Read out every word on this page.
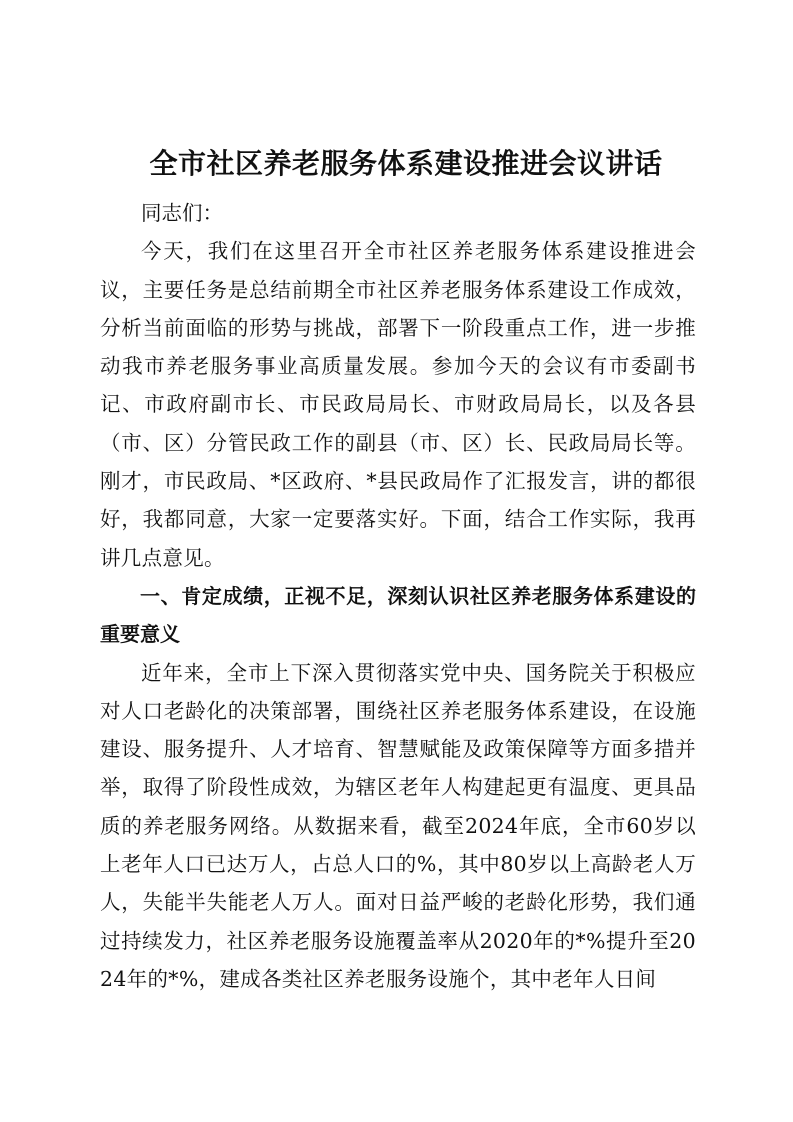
全市社区养老服务体系建设推进会议讲话

同志们：

今天，我们在这里召开全市社区养老服务体系建设推进会议，主要任务是总结前期全市社区养老服务体系建设工作成效，分析当前面临的形势与挑战，部署下一阶段重点工作，进一步推动我市养老服务事业高质量发展。参加今天的会议有市委副书记、市政府副市长、市民政局局长、市财政局局长，以及各县（市、区）分管民政工作的副县（市、区）长、民政局局长等。刚才，市民政局、*区政府、*县民政局作了汇报发言，讲的都很好，我都同意，大家一定要落实好。下面，结合工作实际，我再讲几点意见。

一、肯定成绩，正视不足，深刻认识社区养老服务体系建设的重要意义

近年来，全市上下深入贯彻落实党中央、国务院关于积极应对人口老龄化的决策部署，围绕社区养老服务体系建设，在设施建设、服务提升、人才培育、智慧赋能及政策保障等方面多措并举，取得了阶段性成效，为辖区老年人构建起更有温度、更具品质的养老服务网络。从数据来看，截至2024年底，全市60岁以上老年人口已达万人，占总人口的%，其中80岁以上高龄老人万人，失能半失能老人万人。面对日益严峻的老龄化形势，我们通过持续发力，社区养老服务设施覆盖率从2020年的*%提升至2024年的*%，建成各类社区养老服务设施个，其中老年人日间
